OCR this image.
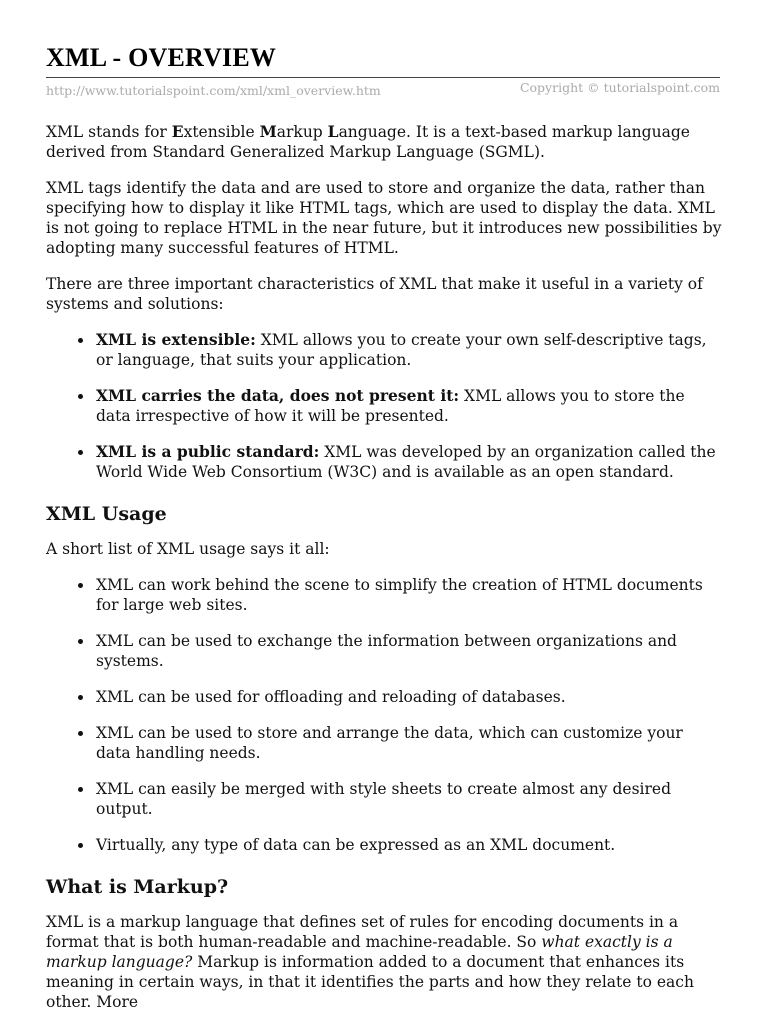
XML - OVERVIEW
http://www.tutorialspoint.com/xml/xml_overview.htm	Copyright © tutorialspoint.com

XML stands for Extensible Markup Language. It is a text-based markup language derived from Standard Generalized Markup Language (SGML).

XML tags identify the data and are used to store and organize the data, rather than specifying how to display it like HTML tags, which are used to display the data. XML is not going to replace HTML in the near future, but it introduces new possibilities by adopting many successful features of HTML.

There are three important characteristics of XML that make it useful in a variety of systems and solutions:

XML is extensible: XML allows you to create your own self-descriptive tags, or language, that suits your application.
XML carries the data, does not present it: XML allows you to store the data irrespective of how it will be presented.
XML is a public standard: XML was developed by an organization called the World Wide Web Consortium (W3C) and is available as an open standard.
XML Usage

A short list of XML usage says it all:

XML can work behind the scene to simplify the creation of HTML documents for large web sites.
XML can be used to exchange the information between organizations and systems.
XML can be used for offloading and reloading of databases.
XML can be used to store and arrange the data, which can customize your data handling needs.
XML can easily be merged with style sheets to create almost any desired output.
Virtually, any type of data can be expressed as an XML document.
What is Markup?

XML is a markup language that defines set of rules for encoding documents in a format that is both human-readable and machine-readable. So what exactly is a markup language? Markup is information added to a document that enhances its meaning in certain ways, in that it identifies the parts and how they relate to each other. More
